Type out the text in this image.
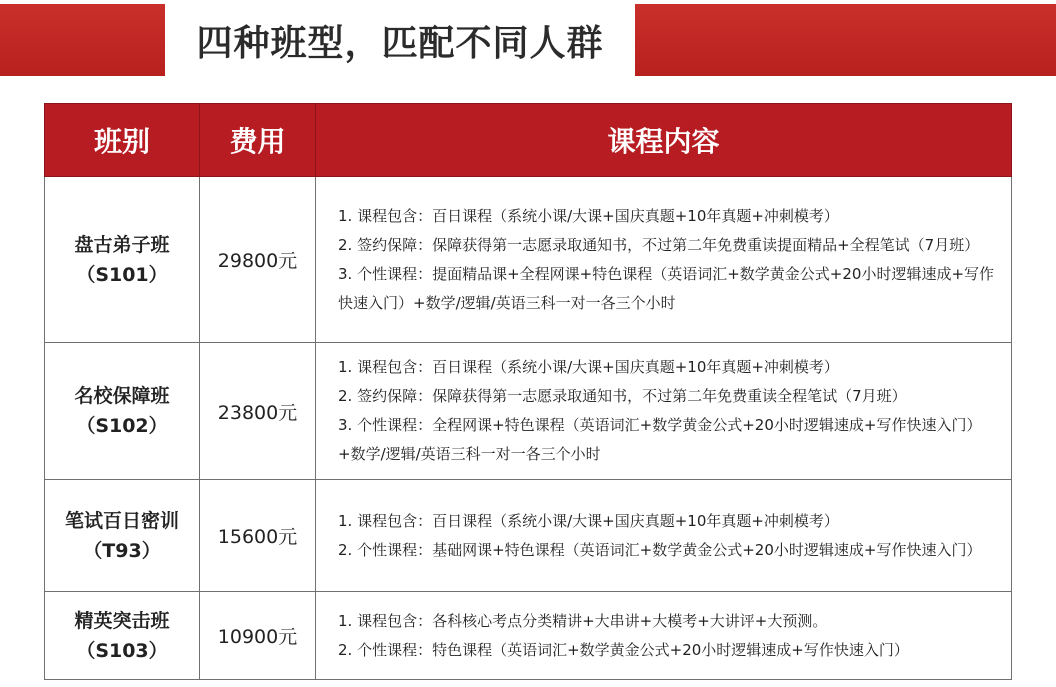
四种班型，匹配不同人群
班别	费用	课程内容

盘古弟子班
（S101）	29800元	1. 课程包含：百日课程（系统小课/大课+国庆真题+10年真题+冲刺模考）
2. 签约保障：保障获得第一志愿录取通知书，不过第二年免费重读提面精品+全程笔试（7月班）
3. 个性课程：提面精品课+全程网课+特色课程（英语词汇+数学黄金公式+20小时逻辑速成+写作快速入门）+数学/逻辑/英语三科一对一各三个小时

名校保障班
（S102）	23800元	1. 课程包含：百日课程（系统小课/大课+国庆真题+10年真题+冲刺模考）
2. 签约保障：保障获得第一志愿录取通知书，不过第二年免费重读全程笔试（7月班）
3. 个性课程：全程网课+特色课程（英语词汇+数学黄金公式+20小时逻辑速成+写作快速入门）+数学/逻辑/英语三科一对一各三个小时

笔试百日密训
（T93）	15600元	1. 课程包含：百日课程（系统小课/大课+国庆真题+10年真题+冲刺模考）
2. 个性课程：基础网课+特色课程（英语词汇+数学黄金公式+20小时逻辑速成+写作快速入门）

精英突击班
（S103）	10900元	1. 课程包含：各科核心考点分类精讲+大串讲+大模考+大讲评+大预测。
2. 个性课程：特色课程（英语词汇+数学黄金公式+20小时逻辑速成+写作快速入门）
